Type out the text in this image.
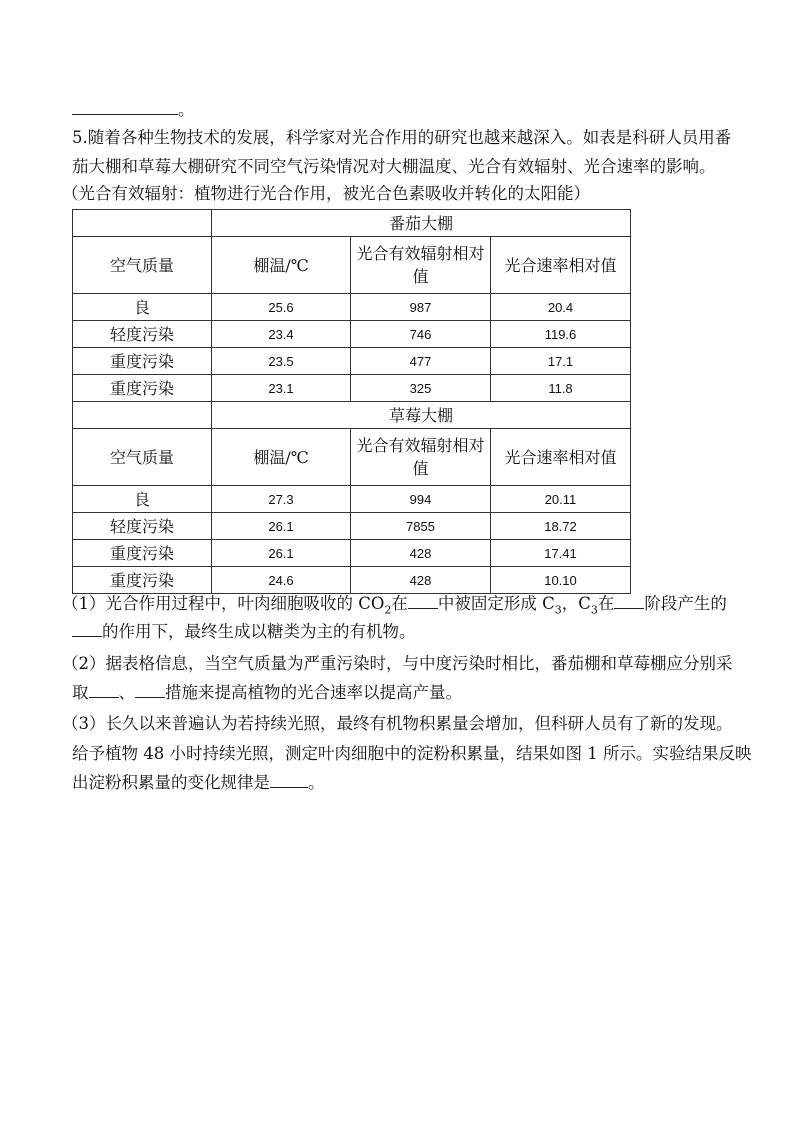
。
5.随着各种生物技术的发展，科学家对光合作用的研究也越来越深入。如表是科研人员用番
茄大棚和草莓大棚研究不同空气污染情况对大棚温度、光合有效辐射、光合速率的影响。
（光合有效辐射：植物进行光合作用，被光合色素吸收并转化的太阳能）
	番茄大棚		
空气质量	棚温/℃	光合有效辐射相对值	光合速率相对值
良	25.6	987	20.4
轻度污染	23.4	746	119.6
重度污染	23.5	477	17.1
重度污染	23.1	325	11.8
	草莓大棚		
空气质量	棚温/℃	光合有效辐射相对值	光合速率相对值
良	27.3	994	20.11
轻度污染	26.1	7855	18.72
重度污染	26.1	428	17.41
重度污染	24.6	428	10.10
（1）光合作用过程中，叶肉细胞吸收的 $CO_2$在 中被固定形成 $C_3$，$C_3$在 阶段产生的
的作用下，最终生成以糖类为主的有机物。
（2）据表格信息，当空气质量为严重污染时，与中度污染时相比，番茄棚和草莓棚应分别采
取 、 措施来提高植物的光合速率以提高产量。
（3）长久以来普遍认为若持续光照，最终有机物积累量会增加，但科研人员有了新的发现。
给予植物 48 小时持续光照，测定叶肉细胞中的淀粉积累量，结果如图 1 所示。实验结果反映
出淀粉积累量的变化规律是 。
